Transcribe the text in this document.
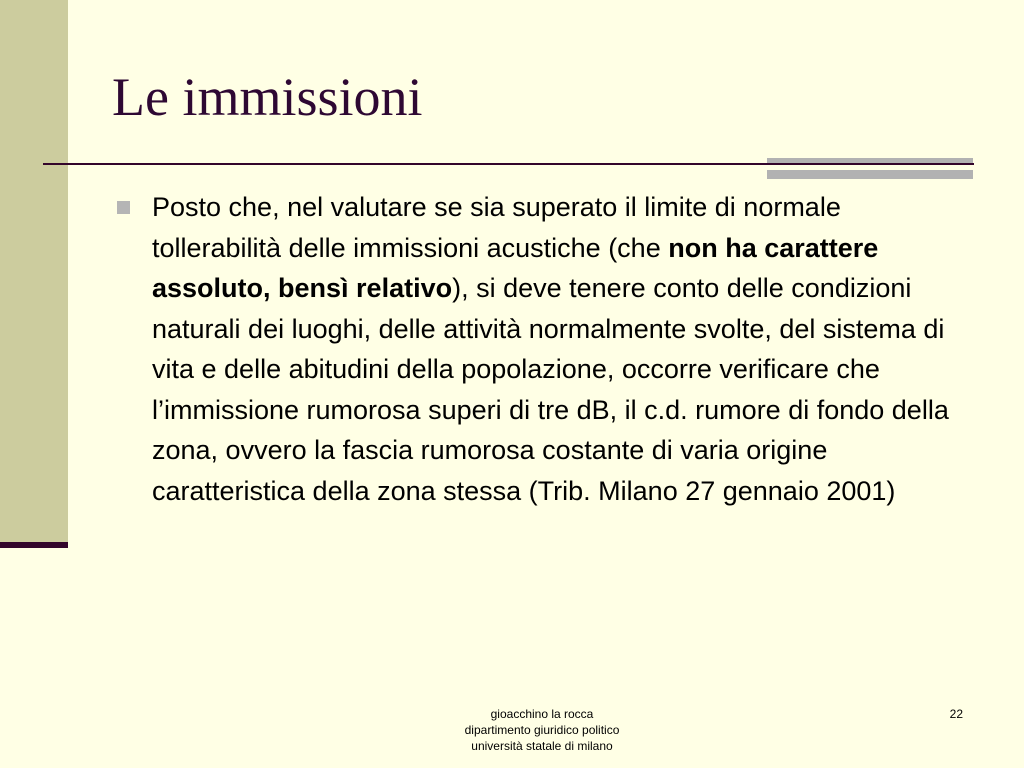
Le immissioni
Posto che, nel valutare se sia superato il limite di normale tollerabilità delle immissioni acustiche (che non ha carattere assoluto, bensì relativo), si deve tenere conto delle condizioni naturali dei luoghi, delle attività normalmente svolte, del sistema di vita e delle abitudini della popolazione, occorre verificare che l’immissione rumorosa superi di tre dB, il c.d. rumore di fondo della zona, ovvero la fascia rumorosa costante di varia origine caratteristica della zona stessa (Trib. Milano 27 gennaio 2001)
gioacchino la rocca
dipartimento giuridico politico
università statale di milano
22
